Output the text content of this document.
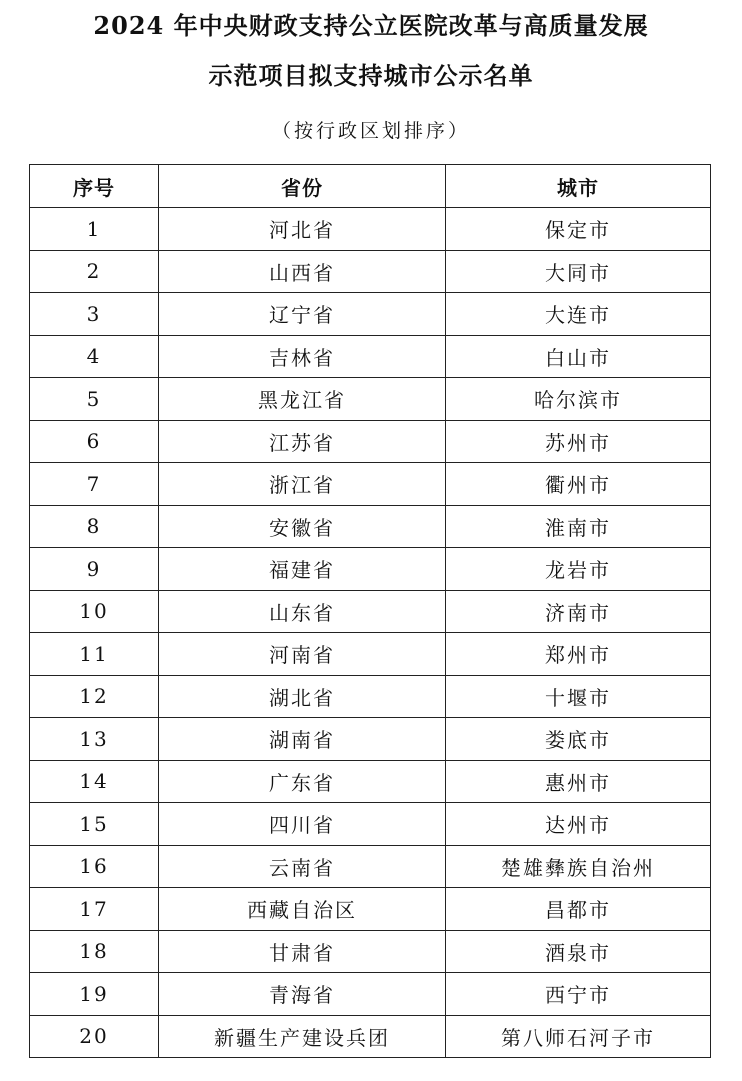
2024 年中央财政支持公立医院改革与高质量发展
示范项目拟支持城市公示名单
（按行政区划排序）
序号	省份	城市
1	河北省	保定市
2	山西省	大同市
3	辽宁省	大连市
4	吉林省	白山市
5	黑龙江省	哈尔滨市
6	江苏省	苏州市
7	浙江省	衢州市
8	安徽省	淮南市
9	福建省	龙岩市
10	山东省	济南市
11	河南省	郑州市
12	湖北省	十堰市
13	湖南省	娄底市
14	广东省	惠州市
15	四川省	达州市
16	云南省	楚雄彝族自治州
17	西藏自治区	昌都市
18	甘肃省	酒泉市
19	青海省	西宁市
20	新疆生产建设兵团	第八师石河子市
